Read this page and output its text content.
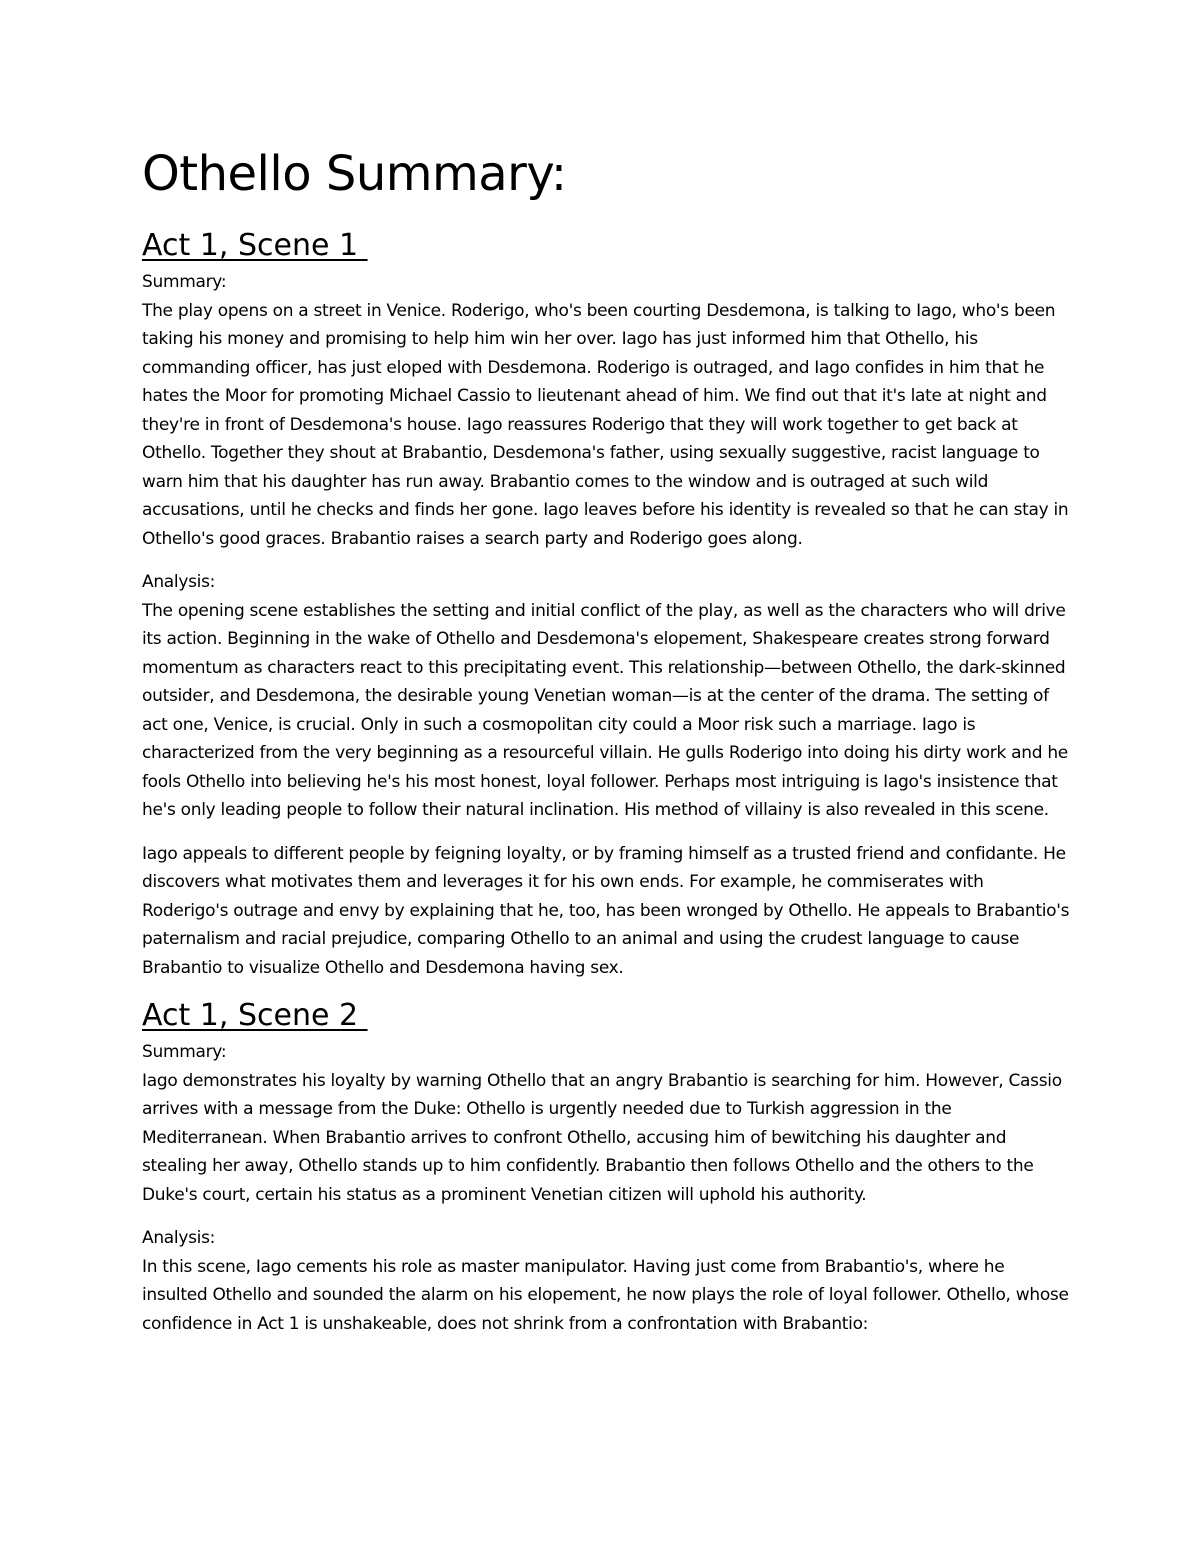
Othello Summary:
Act 1, Scene 1

Summary:

The play opens on a street in Venice. Roderigo, who's been courting Desdemona, is talking to Iago, who's been taking his money and promising to help him win her over. Iago has just informed him that Othello, his commanding officer, has just eloped with Desdemona. Roderigo is outraged, and Iago confides in him that he hates the Moor for promoting Michael Cassio to lieutenant ahead of him. We find out that it's late at night and they're in front of Desdemona's house. Iago reassures Roderigo that they will work together to get back at Othello. Together they shout at Brabantio, Desdemona's father, using sexually suggestive, racist language to warn him that his daughter has run away. Brabantio comes to the window and is outraged at such wild accusations, until he checks and finds her gone. Iago leaves before his identity is revealed so that he can stay in Othello's good graces. Brabantio raises a search party and Roderigo goes along.

Analysis:

The opening scene establishes the setting and initial conflict of the play, as well as the characters who will drive its action. Beginning in the wake of Othello and Desdemona's elopement, Shakespeare creates strong forward momentum as characters react to this precipitating event. This relationship—between Othello, the dark-skinned outsider, and Desdemona, the desirable young Venetian woman—is at the center of the drama. The setting of act one, Venice, is crucial. Only in such a cosmopolitan city could a Moor risk such a marriage. Iago is characterized from the very beginning as a resourceful villain. He gulls Roderigo into doing his dirty work and he fools Othello into believing he's his most honest, loyal follower. Perhaps most intriguing is Iago's insistence that he's only leading people to follow their natural inclination. His method of villainy is also revealed in this scene.

Iago appeals to different people by feigning loyalty, or by framing himself as a trusted friend and confidante. He discovers what motivates them and leverages it for his own ends. For example, he commiserates with Roderigo's outrage and envy by explaining that he, too, has been wronged by Othello. He appeals to Brabantio's paternalism and racial prejudice, comparing Othello to an animal and using the crudest language to cause Brabantio to visualize Othello and Desdemona having sex.

Act 1, Scene 2

Summary:

Iago demonstrates his loyalty by warning Othello that an angry Brabantio is searching for him. However, Cassio arrives with a message from the Duke: Othello is urgently needed due to Turkish aggression in the Mediterranean. When Brabantio arrives to confront Othello, accusing him of bewitching his daughter and stealing her away, Othello stands up to him confidently. Brabantio then follows Othello and the others to the Duke's court, certain his status as a prominent Venetian citizen will uphold his authority.

Analysis:

In this scene, Iago cements his role as master manipulator. Having just come from Brabantio's, where he insulted Othello and sounded the alarm on his elopement, he now plays the role of loyal follower. Othello, whose confidence in Act 1 is unshakeable, does not shrink from a confrontation with Brabantio:
